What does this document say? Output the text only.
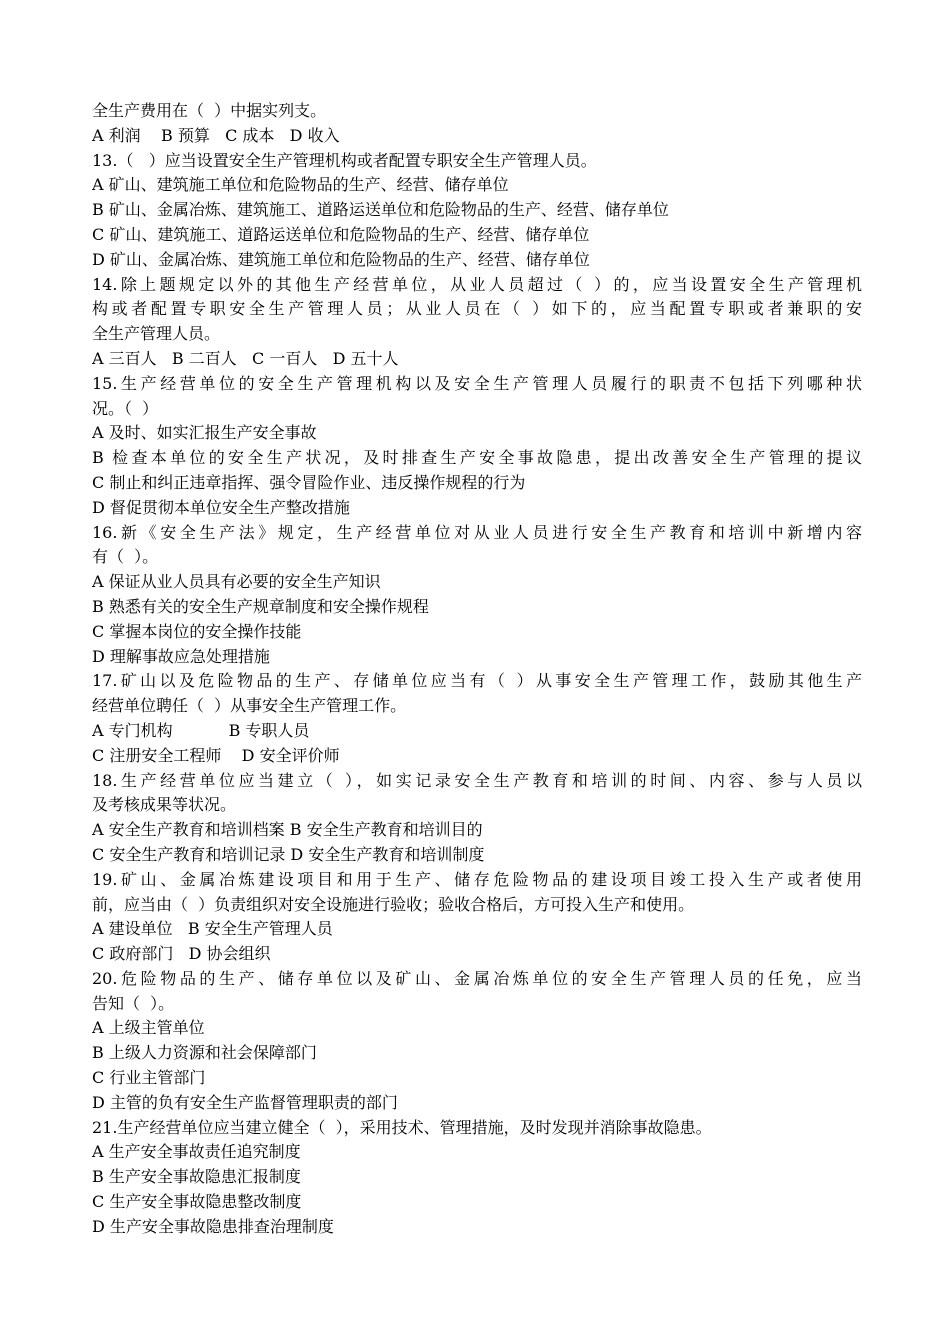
全生产费用在（  ）中据实列支。
A 利润    B 预算   C 成本   D 收入
13.（   ）应当设置安全生产管理机构或者配置专职安全生产管理人员。
A 矿山、建筑施工单位和危险物品的生产、经营、储存单位
B 矿山、金属冶炼、建筑施工、道路运送单位和危险物品的生产、经营、储存单位
C 矿山、建筑施工、道路运送单位和危险物品的生产、经营、储存单位
D 矿山、金属冶炼、建筑施工单位和危险物品的生产、经营、储存单位
14.除上题规定以外的其他生产经营单位，从业人员超过（ ）的，应当设置安全生产管理机
构或者配置专职安全生产管理人员；从业人员在（ ）如下的，应当配置专职或者兼职的安
全生产管理人员。
A 三百人   B 二百人   C 一百人   D 五十人
15.生产经营单位的安全生产管理机构以及安全生产管理人员履行的职责不包括下列哪种状
况。（  ）
A 及时、如实汇报生产安全事故
B 检查本单位的安全生产状况，及时排查生产安全事故隐患，提出改善安全生产管理的提议
C 制止和纠正违章指挥、强令冒险作业、违反操作规程的行为
D 督促贯彻本单位安全生产整改措施
16.新《安全生产法》规定，生产经营单位对从业人员进行安全生产教育和培训中新增内容
有（  ）。
A 保证从业人员具有必要的安全生产知识
B 熟悉有关的安全生产规章制度和安全操作规程
C 掌握本岗位的安全操作技能
D 理解事故应急处理措施
17.矿山以及危险物品的生产、存储单位应当有（ ）从事安全生产管理工作，鼓励其他生产
经营单位聘任（  ）从事安全生产管理工作。
A 专门机构           B 专职人员
C 注册安全工程师    D 安全评价师
18.生产经营单位应当建立（ ），如实记录安全生产教育和培训的时间、内容、参与人员以
及考核成果等状况。
A 安全生产教育和培训档案 B 安全生产教育和培训目的
C 安全生产教育和培训记录 D 安全生产教育和培训制度
19.矿山、金属冶炼建设项目和用于生产、储存危险物品的建设项目竣工投入生产或者使用
前，应当由（  ）负责组织对安全设施进行验收；验收合格后，方可投入生产和使用。
A 建设单位   B 安全生产管理人员
C 政府部门   D 协会组织
20.危险物品的生产、储存单位以及矿山、金属冶炼单位的安全生产管理人员的任免，应当
告知（  ）。
A 上级主管单位
B 上级人力资源和社会保障部门
C 行业主管部门
D 主管的负有安全生产监督管理职责的部门
21.生产经营单位应当建立健全（  ），采用技术、管理措施，及时发现并消除事故隐患。
A 生产安全事故责任追究制度
B 生产安全事故隐患汇报制度
C 生产安全事故隐患整改制度
D 生产安全事故隐患排查治理制度
